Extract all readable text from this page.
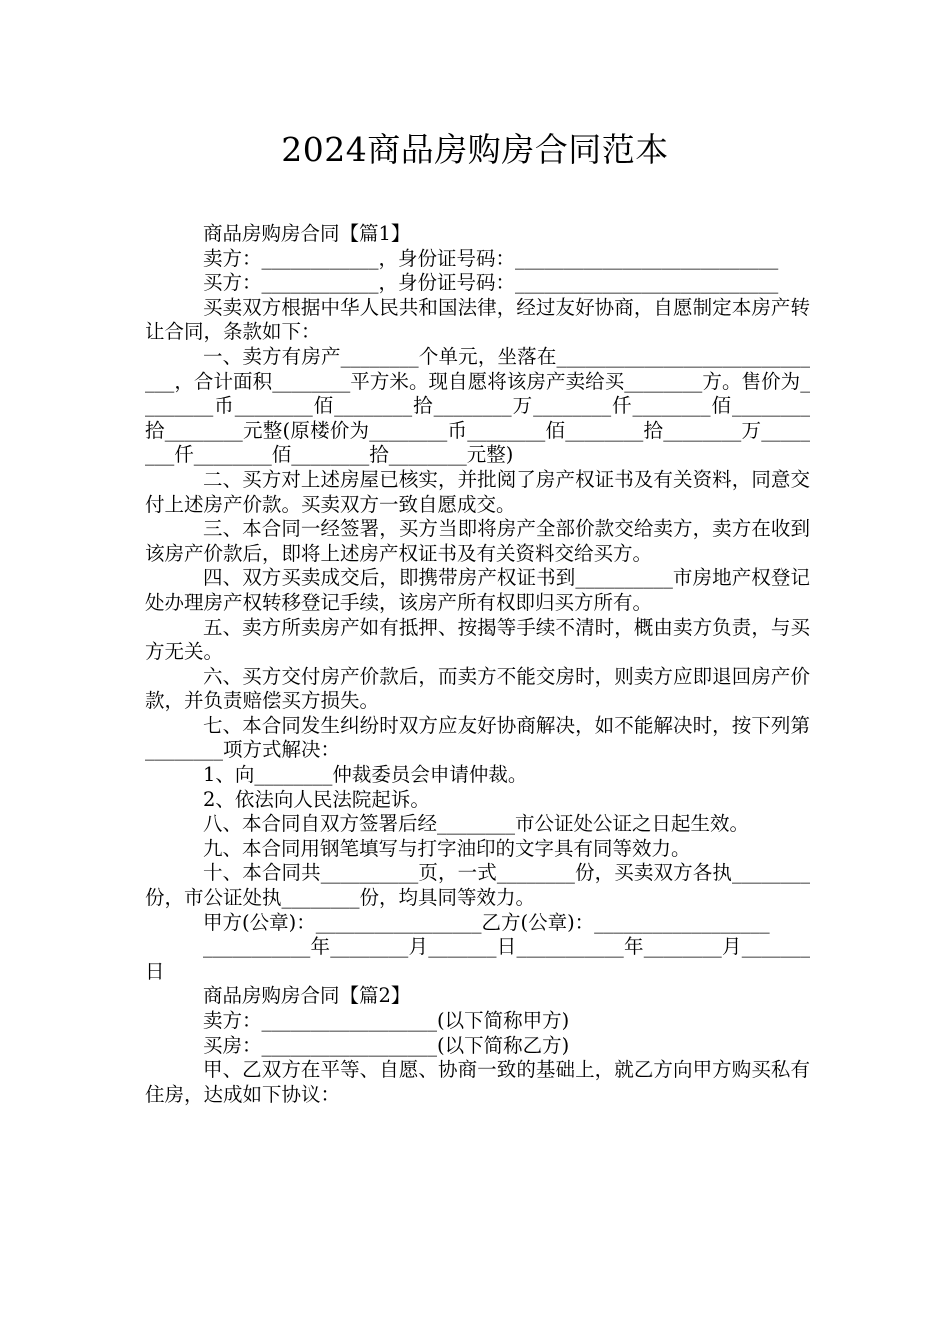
2024商品房购房合同范本

商品房购房合同【篇1】

卖方：____________，身份证号码：___________________________

买方：____________，身份证号码：___________________________

买卖双方根据中华人民共和国法律，经过友好协商，自愿制定本房产转让合同，条款如下：

一、卖方有房产________个单元，坐落在_____________________________，合计面积________平方米。现自愿将该房产卖给买________方。售价为________币________佰________拾________万________仟________佰________拾________元整(原楼价为________币________佰________拾________万________仟________佰________拾________元整)

二、买方对上述房屋已核实，并批阅了房产权证书及有关资料，同意交付上述房产价款。买卖双方一致自愿成交。

三、本合同一经签署，买方当即将房产全部价款交给卖方，卖方在收到该房产价款后，即将上述房产权证书及有关资料交给买方。

四、双方买卖成交后，即携带房产权证书到__________市房地产权登记处办理房产权转移登记手续，该房产所有权即归买方所有。

五、卖方所卖房产如有抵押、按揭等手续不清时，概由卖方负责，与买方无关。

六、买方交付房产价款后，而卖方不能交房时，则卖方应即退回房产价款，并负责赔偿买方损失。

七、本合同发生纠纷时双方应友好协商解决，如不能解决时，按下列第________项方式解决：

1、向________仲裁委员会申请仲裁。

2、依法向人民法院起诉。

八、本合同自双方签署后经________市公证处公证之日起生效。

九、本合同用钢笔填写与打字油印的文字具有同等效力。

十、本合同共__________页，一式________份，买卖双方各执________份，市公证处执________份，均具同等效力。

甲方(公章)：_________________乙方(公章)：__________________

___________年________月_______日___________年________月_______日

商品房购房合同【篇2】

卖方：__________________(以下简称甲方)

买房：__________________(以下简称乙方)

甲、乙双方在平等、自愿、协商一致的基础上，就乙方向甲方购买私有住房，达成如下协议：
